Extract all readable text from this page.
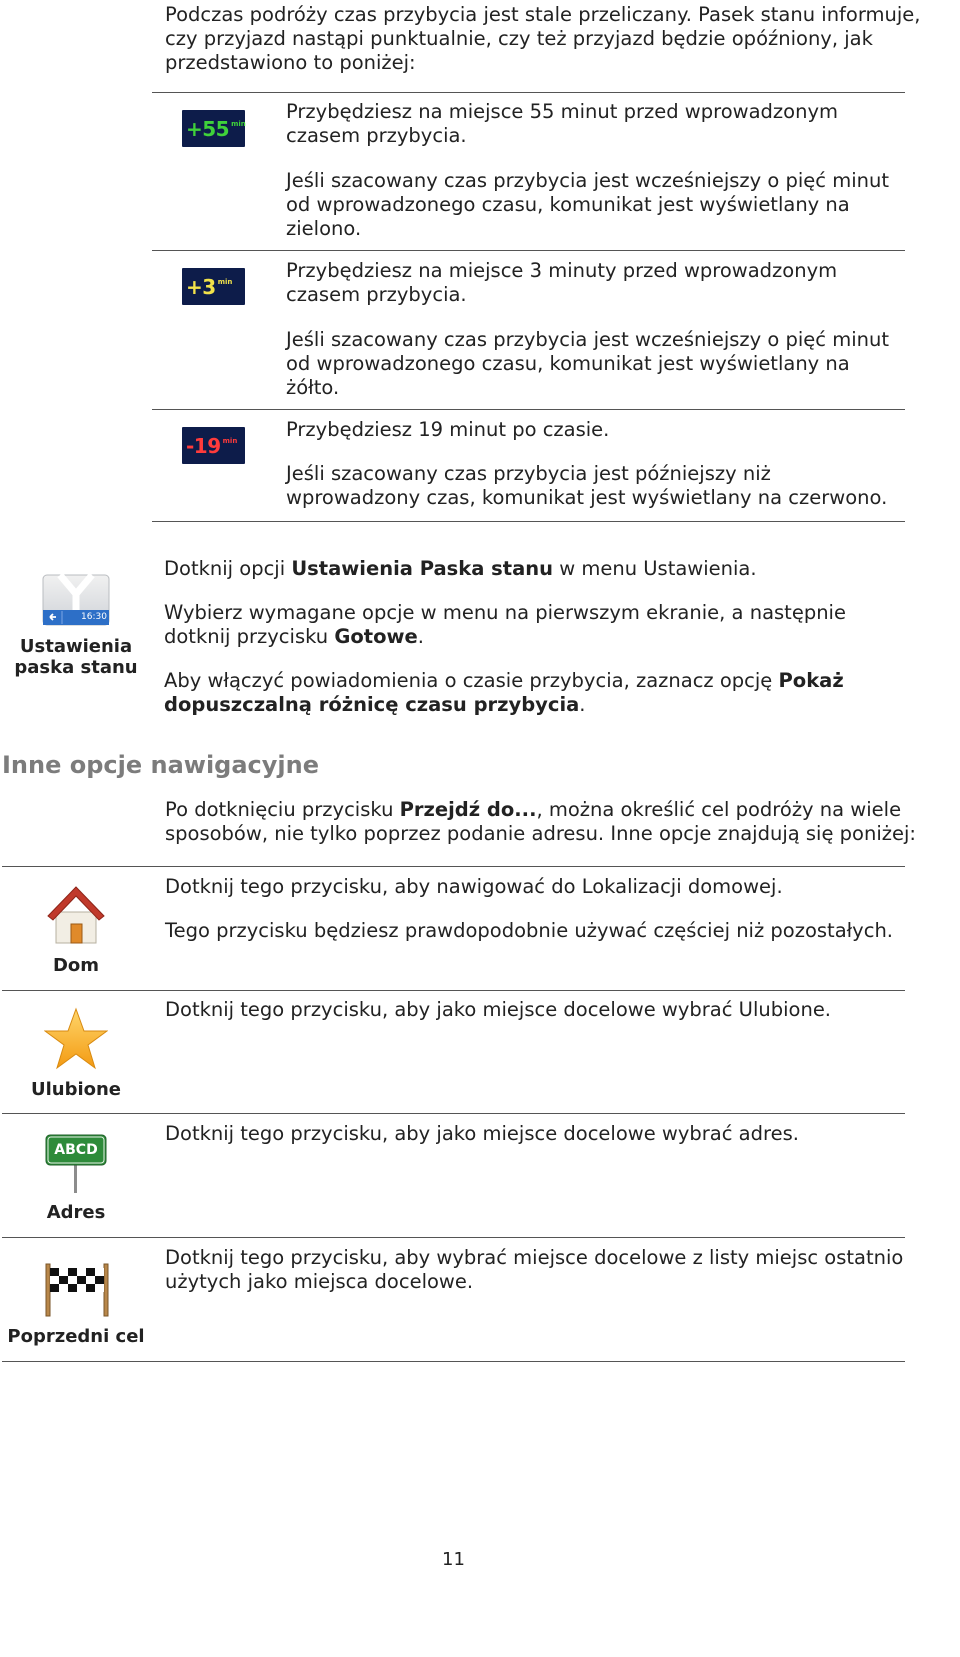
Podczas podróży czas przybycia jest stale przeliczany. Pasek stanu informuje,

czy przyjazd nastąpi punktualnie, czy też przyjazd będzie opóźniony, jak

przedstawiono to poniżej:

+55 min

Przybędziesz na miejsce 55 minut przed wprowadzonym

czasem przybycia.

Jeśli szacowany czas przybycia jest wcześniejszy o pięć minut

od wprowadzonego czasu, komunikat jest wyświetlany na

zielono.

+3 min	Przybędziesz na miejsce 3 minuty przed wprowadzonym

czasem przybycia.

Jeśli szacowany czas przybycia jest wcześniejszy o pięć minut

od wprowadzonego czasu, komunikat jest wyświetlany na

żółto.

-19 min Przybędziesz 19 minut po czasie.

Jeśli szacowany czas przybycia jest późniejszy niż

wprowadzony czas, komunikat jest wyświetlany na czerwono.

16:30
Ustawienia
paska stanu

Dotknij opcji Ustawienia Paska stanu w menu Ustawienia.

Wybierz wymagane opcje w menu na pierwszym ekranie, a następnie

dotknij przycisku Gotowe.

Aby włączyć powiadomienia o czasie przybycia, zaznacz opcję Pokaż

dopuszczalną różnicę czasu przybycia.

Inne opcje nawigacyjne

Po dotknięciu przycisku Przejdź do..., można określić cel podróży na wiele

sposobów, nie tylko poprzez podanie adresu. Inne opcje znajdują się poniżej:

Dom

Dotknij tego przycisku, aby nawigować do Lokalizacji domowej.

Tego przycisku będziesz prawdopodobnie używać częściej niż pozostałych.

Ulubione

Dotknij tego przycisku, aby jako miejsce docelowe wybrać Ulubione.

ABCD
Adres

Dotknij tego przycisku, aby jako miejsce docelowe wybrać adres.

Poprzedni cel

Dotknij tego przycisku, aby wybrać miejsce docelowe z listy miejsc ostatnio

użytych jako miejsca docelowe.

11
